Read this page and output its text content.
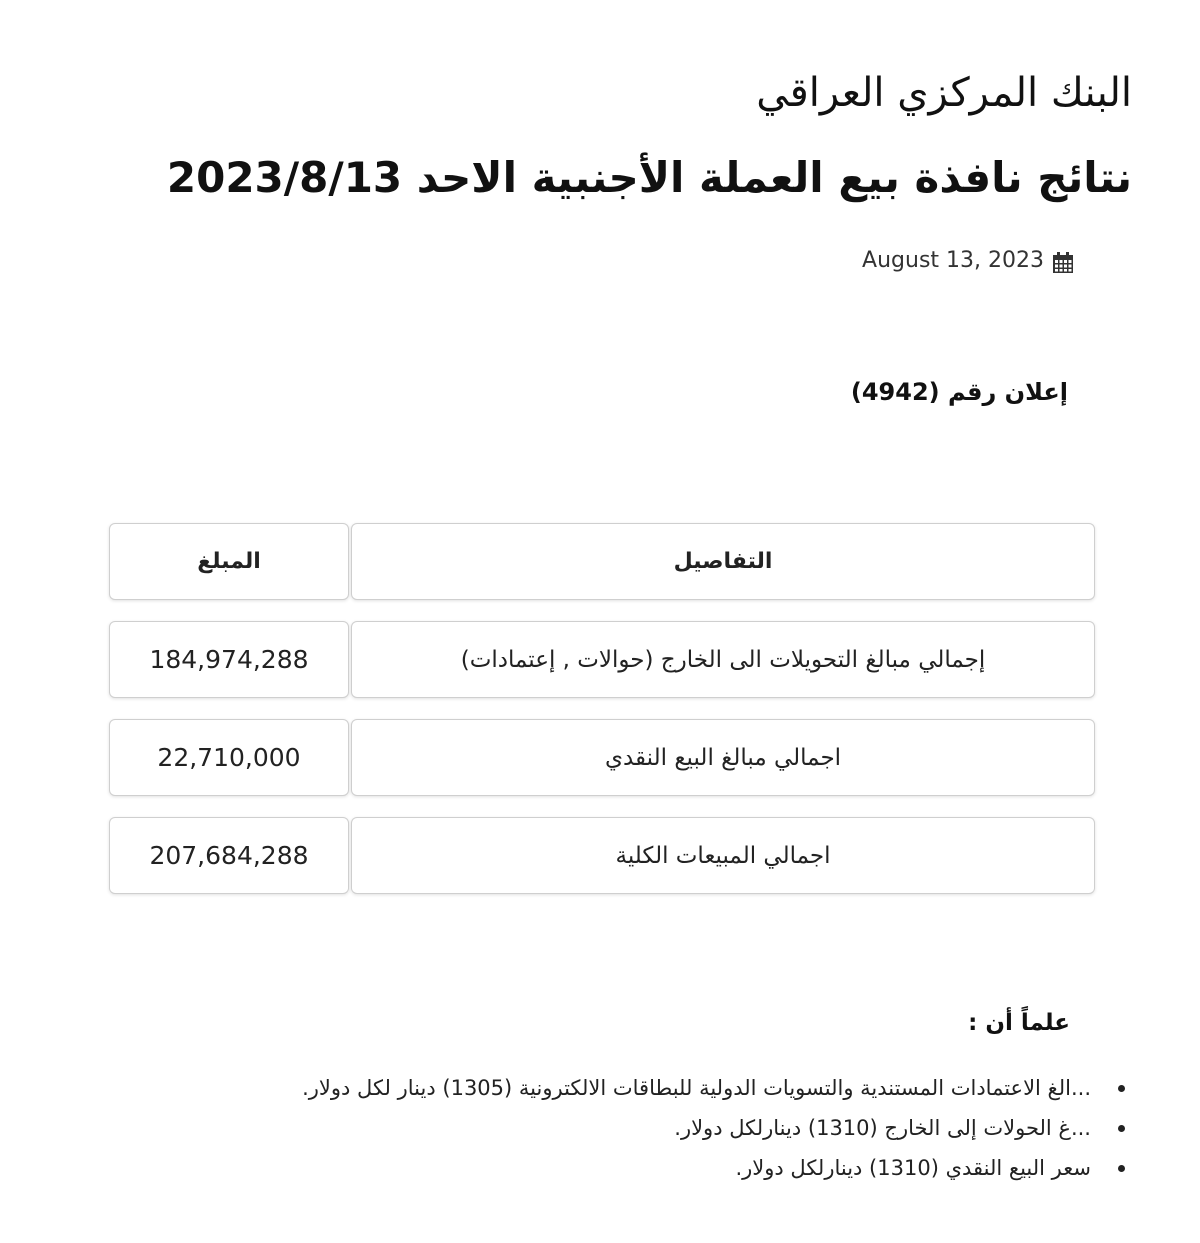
البنك المركزي العراقي
نتائج نافذة بيع العملة الأجنبية الاحد 2023/8/13
August 13, 2023
إعلان رقم (4942)
التفاصيل
المبلغ
إجمالي مبالغ التحويلات الى الخارج (حوالات , إعتمادات)
184,974,288
اجمالي مبالغ البيع النقدي
22,710,000
اجمالي المبيعات الكلية
207,684,288
علماً أن :
...الغ الاعتمادات المستندية والتسويات الدولية للبطاقات الالكترونية (1305) دينار لكل دولار.
...غ الحولات إلى الخارج (1310) دينارلكل دولار.
سعر البيع النقدي (1310) دينارلكل دولار.
